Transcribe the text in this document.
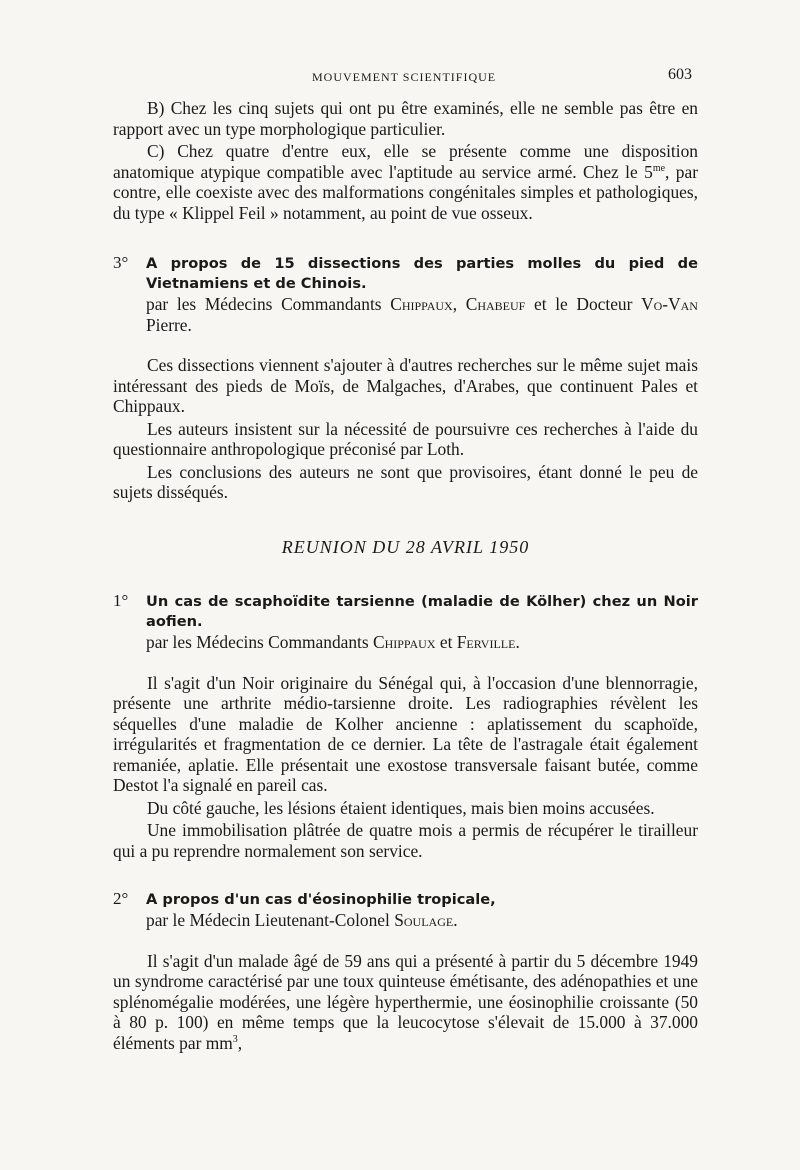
MOUVEMENT SCIENTIFIQUE	603

B) Chez les cinq sujets qui ont pu être examinés, elle ne semble pas être en rapport avec un type morphologique particulier.

C) Chez quatre d'entre eux, elle se présente comme une disposition anatomique atypique compatible avec l'aptitude au service armé. Chez le $5^{me}$, par contre, elle coexiste avec des malformations congénitales simples et pathologiques, du type « Klippel Feil » notamment, au point de vue osseux.

3° A propos de 15 dissections des parties molles du pied de Vietnamiens et de Chinois.

par les Médecins Commandants Chippaux, Chabeuf et le Docteur Vo-Van Pierre.

Ces dissections viennent s'ajouter à d'autres recherches sur le même sujet mais intéressant des pieds de Moïs, de Malgaches, d'Arabes, que continuent Pales et Chippaux.

Les auteurs insistent sur la nécessité de poursuivre ces recherches à l'aide du questionnaire anthropologique préconisé par Loth.

Les conclusions des auteurs ne sont que provisoires, étant donné le peu de sujets disséqués.

REUNION DU 28 AVRIL 1950

1° Un cas de scaphoïdite tarsienne (maladie de Kölher) chez un Noir aofien.

par les Médecins Commandants Chippaux et Ferville.

Il s'agit d'un Noir originaire du Sénégal qui, à l'occasion d'une blennorragie, présente une arthrite médio-tarsienne droite. Les radiographies révèlent les séquelles d'une maladie de Kolher ancienne : aplatissement du scaphoïde, irrégularités et fragmentation de ce dernier. La tête de l'astragale était également remaniée, aplatie. Elle présentait une exostose transversale faisant butée, comme Destot l'a signalé en pareil cas.

Du côté gauche, les lésions étaient identiques, mais bien moins accusées.

Une immobilisation plâtrée de quatre mois a permis de récupérer le tirailleur qui a pu reprendre normalement son service.

2° A propos d'un cas d'éosinophilie tropicale,

par le Médecin Lieutenant-Colonel Soulage.

Il s'agit d'un malade âgé de 59 ans qui a présenté à partir du 5 décembre 1949 un syndrome caractérisé par une toux quinteuse émétisante, des adénopathies et une splénomégalie modérées, une légère hyperthermie, une éosinophilie croissante (50 à 80 p. 100) en même temps que la leucocytose s'élevait de 15.000 à 37.000 éléments par $mm^3$,
